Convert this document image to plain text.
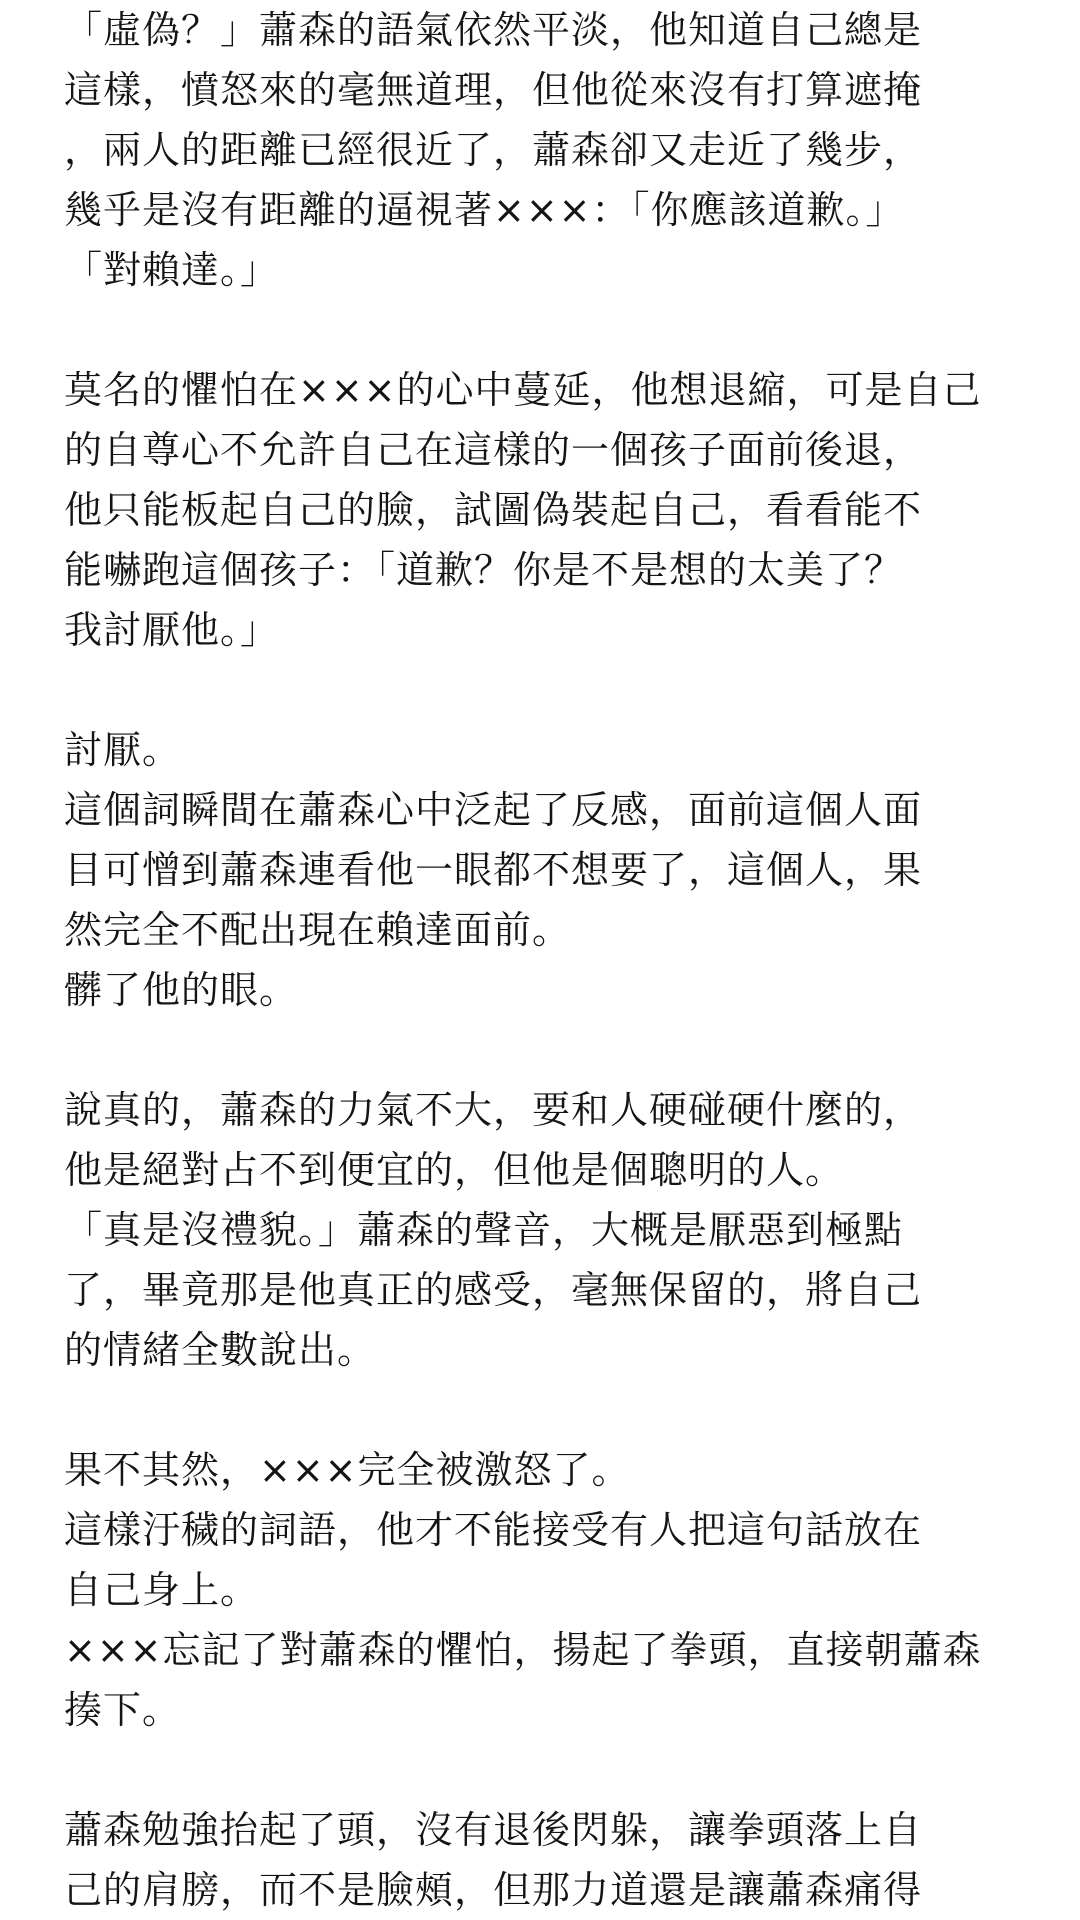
「虛偽？」蕭森的語氣依然平淡，他知道自己總是
這樣，憤怒來的毫無道理，但他從來沒有打算遮掩
，兩人的距離已經很近了，蕭森卻又走近了幾步，
幾乎是沒有距離的逼視著×××：「你應該道歉。」
「對賴達。」
莫名的懼怕在×××的心中蔓延，他想退縮，可是自己
的自尊心不允許自己在這樣的一個孩子面前後退，
他只能板起自己的臉，試圖偽裝起自己，看看能不
能嚇跑這個孩子：「道歉？你是不是想的太美了？
我討厭他。」
討厭。
這個詞瞬間在蕭森心中泛起了反感，面前這個人面
目可憎到蕭森連看他一眼都不想要了，這個人，果
然完全不配出現在賴達面前。
髒了他的眼。
說真的，蕭森的力氣不大，要和人硬碰硬什麼的，
他是絕對占不到便宜的，但他是個聰明的人。
「真是沒禮貌。」蕭森的聲音，大概是厭惡到極點
了，畢竟那是他真正的感受，毫無保留的，將自己
的情緒全數說出。
果不其然，×××完全被激怒了。
這樣汙穢的詞語，他才不能接受有人把這句話放在
自己身上。
×××忘記了對蕭森的懼怕，揚起了拳頭，直接朝蕭森
揍下。
蕭森勉強抬起了頭，沒有退後閃躲，讓拳頭落上自
己的肩膀，而不是臉頰，但那力道還是讓蕭森痛得
